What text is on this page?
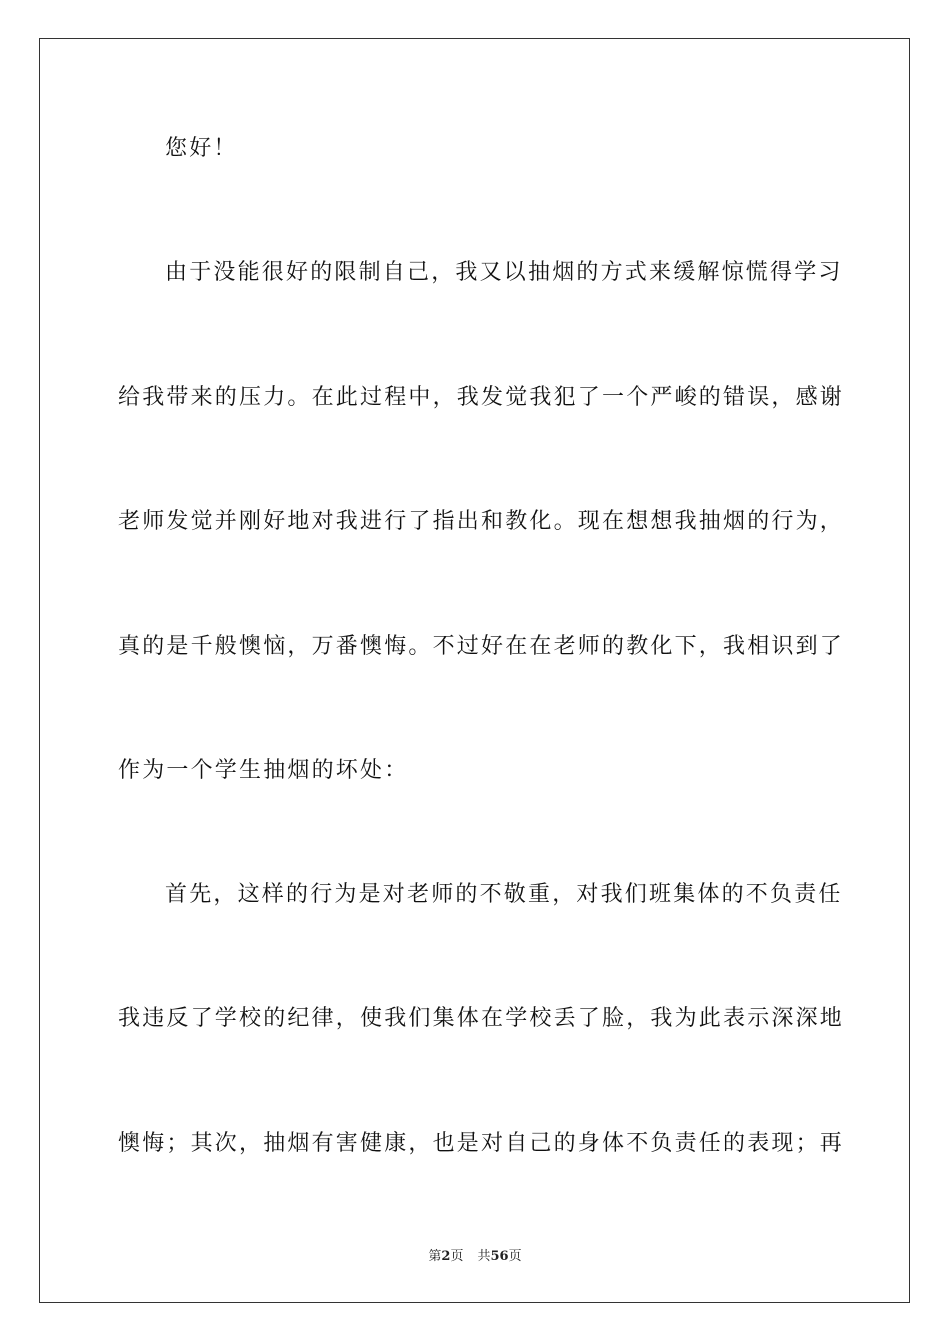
您好！
由于没能很好的限制自己，我又以抽烟的方式来缓解惊慌得学习
给我带来的压力。在此过程中，我发觉我犯了一个严峻的错误，感谢
老师发觉并刚好地对我进行了指出和教化。现在想想我抽烟的行为，
真的是千般懊恼，万番懊悔。不过好在在老师的教化下，我相识到了
作为一个学生抽烟的坏处：
首先，这样的行为是对老师的不敬重，对我们班集体的不负责任
我违反了学校的纪律，使我们集体在学校丢了脸，我为此表示深深地
懊悔；其次，抽烟有害健康，也是对自己的身体不负责任的表现；再
第2页 共56页
